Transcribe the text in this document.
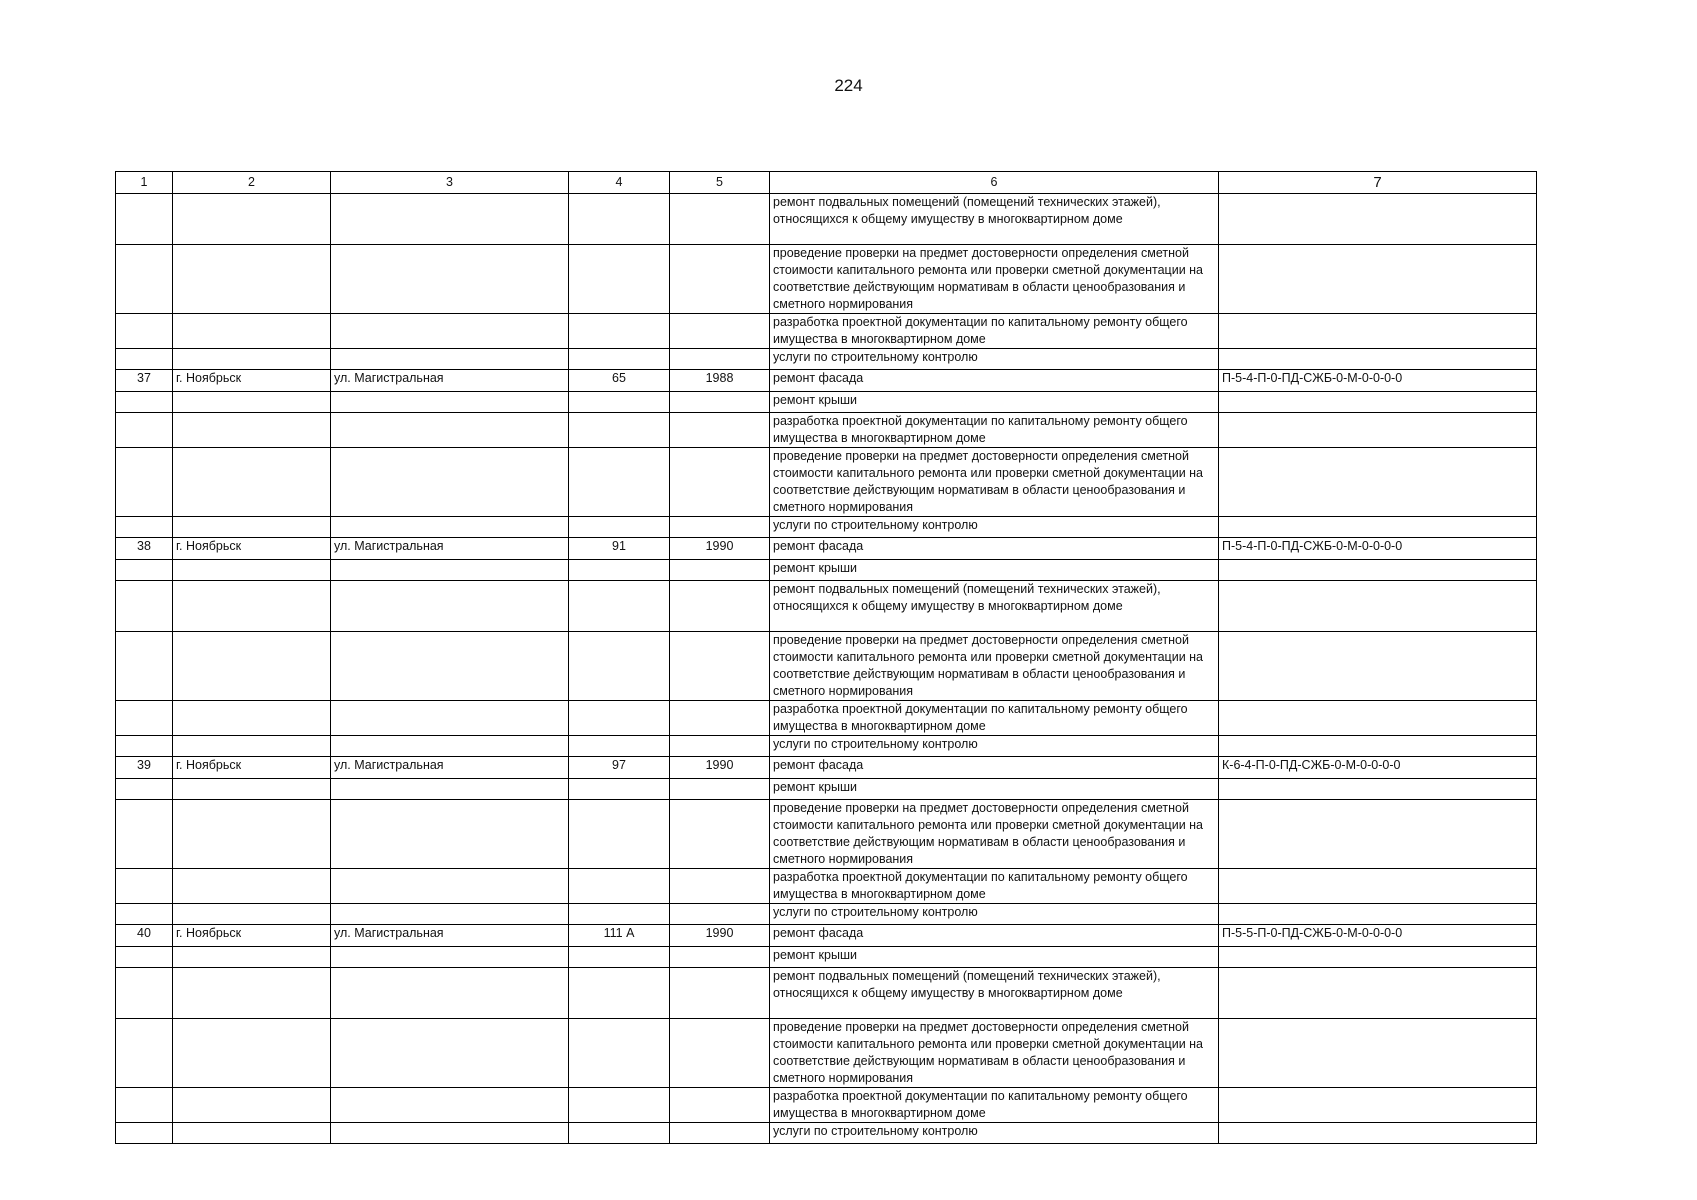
224
1	2	3	4	5	6	7
					ремонт подвальных помещений (помещений технических этажей), относящихся к общему имуществу в многоквартирном доме	
					проведение проверки на предмет достоверности определения сметной стоимости капитального ремонта или проверки сметной документации на соответствие действующим нормативам в области ценообразования и сметного нормирования	
					разработка проектной документации по капитальному ремонту общего имущества в многоквартирном доме	
					услуги по строительному контролю	
37	г. Ноябрьск	ул. Магистральная	65	1988	ремонт фасада	П-5-4-П-0-ПД-СЖБ-0-М-0-0-0-0
					ремонт крыши	
					разработка проектной документации по капитальному ремонту общего имущества в многоквартирном доме	
					проведение проверки на предмет достоверности определения сметной стоимости капитального ремонта или проверки сметной документации на соответствие действующим нормативам в области ценообразования и сметного нормирования	
					услуги по строительному контролю	
38	г. Ноябрьск	ул. Магистральная	91	1990	ремонт фасада	П-5-4-П-0-ПД-СЖБ-0-М-0-0-0-0
					ремонт крыши	
					ремонт подвальных помещений (помещений технических этажей), относящихся к общему имуществу в многоквартирном доме	
					проведение проверки на предмет достоверности определения сметной стоимости капитального ремонта или проверки сметной документации на соответствие действующим нормативам в области ценообразования и сметного нормирования	
					разработка проектной документации по капитальному ремонту общего имущества в многоквартирном доме	
					услуги по строительному контролю	
39	г. Ноябрьск	ул. Магистральная	97	1990	ремонт фасада	К-6-4-П-0-ПД-СЖБ-0-М-0-0-0-0
					ремонт крыши	
					проведение проверки на предмет достоверности определения сметной стоимости капитального ремонта или проверки сметной документации на соответствие действующим нормативам в области ценообразования и сметного нормирования	
					разработка проектной документации по капитальному ремонту общего имущества в многоквартирном доме	
					услуги по строительному контролю	
40	г. Ноябрьск	ул. Магистральная	111 А	1990	ремонт фасада	П-5-5-П-0-ПД-СЖБ-0-М-0-0-0-0
					ремонт крыши	
					ремонт подвальных помещений (помещений технических этажей), относящихся к общему имуществу в многоквартирном доме	
					проведение проверки на предмет достоверности определения сметной стоимости капитального ремонта или проверки сметной документации на соответствие действующим нормативам в области ценообразования и сметного нормирования	
					разработка проектной документации по капитальному ремонту общего имущества в многоквартирном доме	
					услуги по строительному контролю	
